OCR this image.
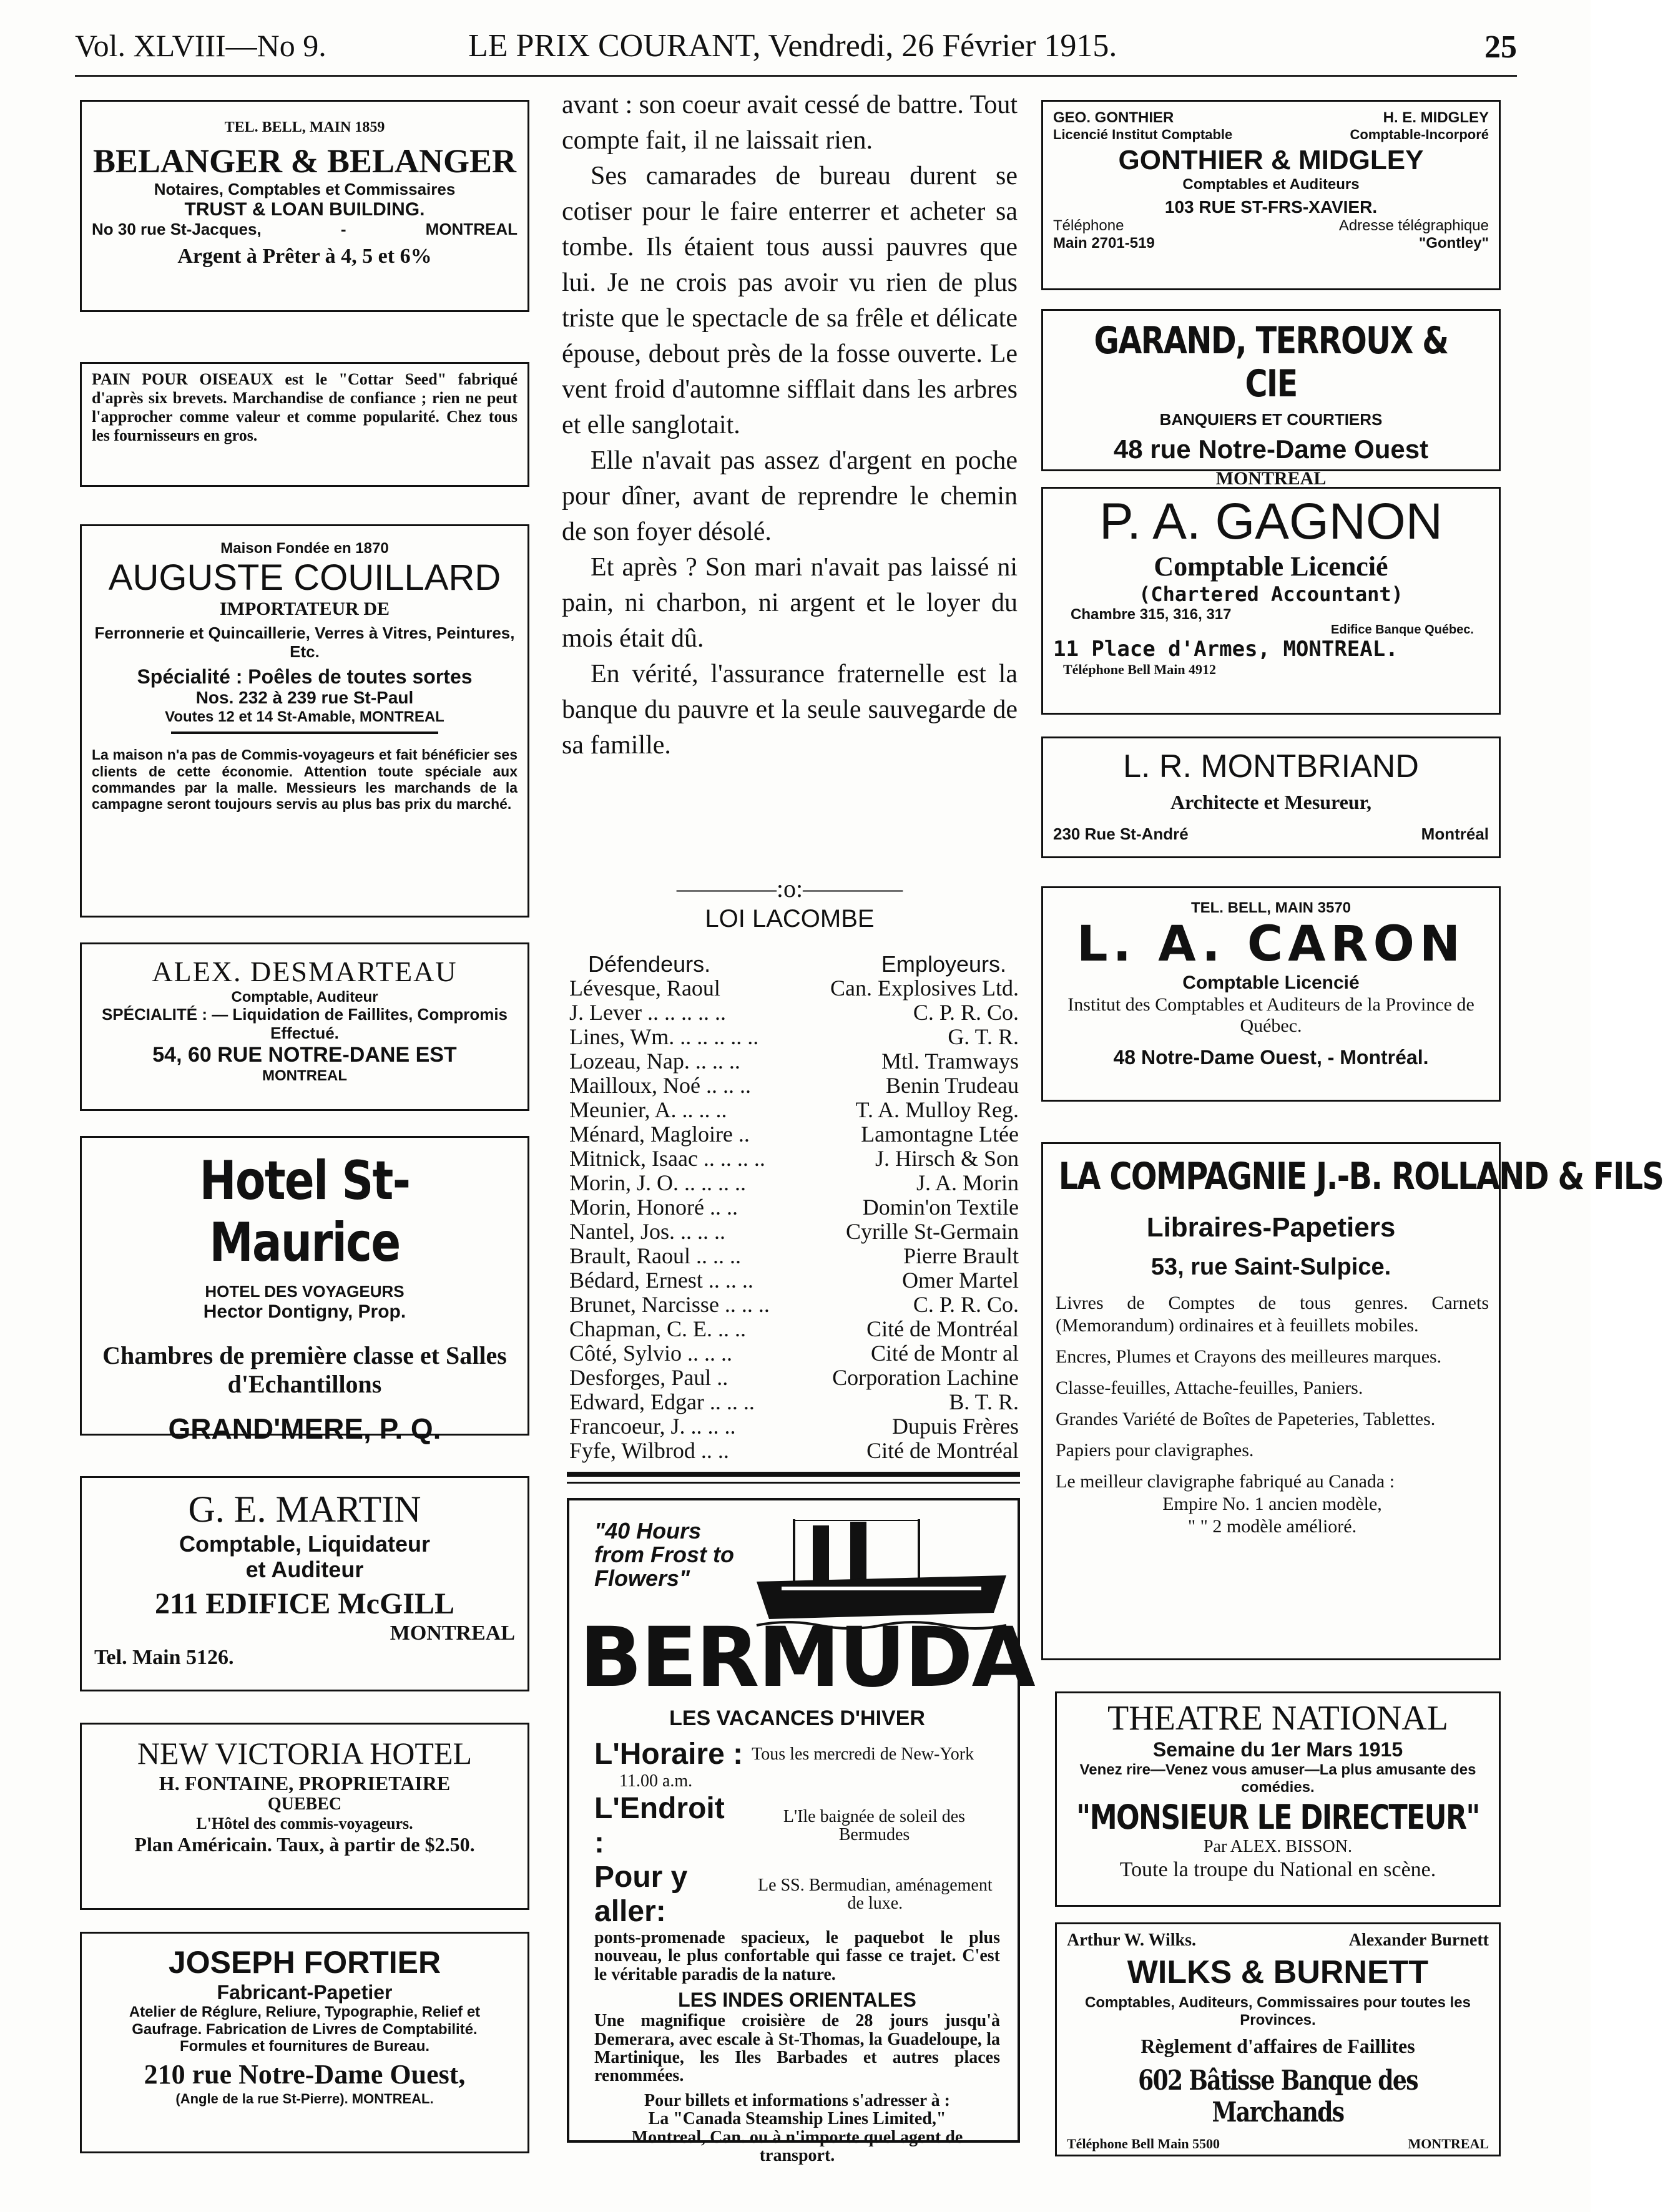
Vol. XLVIII—No 9.	LE PRIX COURANT, Vendredi, 26 Février 1915.	25
TEL. BELL, MAIN 1859
BELANGER & BELANGER
Notaires, Comptables et Commissaires
TRUST & LOAN BUILDING.
No 30 rue St-Jacques,	-	MONTREAL
Argent à Prêter à 4, 5 et 6%
PAIN POUR OISEAUX est le "Cottar Seed" fabriqué d'après six brevets. Marchandise de confiance ; rien ne peut l'approcher comme valeur et comme popularité. Chez tous les fournisseurs en gros.
Maison Fondée en 1870
AUGUSTE COUILLARD
IMPORTATEUR DE
Ferronnerie et Quincaillerie, Verres à Vitres, Peintures, Etc.
Spécialité : Poêles de toutes sortes
Nos. 232 à 239 rue St-Paul
Voutes 12 et 14 St-Amable, MONTREAL
La maison n'a pas de Commis-voyageurs et fait bénéficier ses clients de cette économie. Attention toute spéciale aux commandes par la malle. Messieurs les marchands de la campagne seront toujours servis au plus bas prix du marché.
ALEX. DESMARTEAU
Comptable, Auditeur
SPÉCIALITÉ : — Liquidation de Faillites, Compromis Effectué.
54, 60 RUE NOTRE-DANE EST
MONTREAL
Hotel St-Maurice
HOTEL DES VOYAGEURS
Hector Dontigny, Prop.
Chambres de première classe et Salles d'Echantillons
GRAND'MERE, P. Q.
G. E. MARTIN
Comptable, Liquidateur
et Auditeur
211 EDIFICE McGILL
MONTREAL
Tel. Main 5126.
NEW VICTORIA HOTEL
H. FONTAINE, PROPRIETAIRE
QUEBEC
L'Hôtel des commis-voyageurs.
Plan Américain. Taux, à partir de $2.50.
JOSEPH FORTIER
Fabricant-Papetier
Atelier de Réglure, Reliure, Typographie, Relief et Gaufrage. Fabrication de Livres de Comptabilité. Formules et fournitures de Bureau.
210 rue Notre-Dame Ouest,
(Angle de la rue St-Pierre). MONTREAL.

avant : son coeur avait cessé de battre. Tout compte fait, il ne laissait rien.

Ses camarades de bureau durent se cotiser pour le faire enterrer et acheter sa tombe. Ils étaient tous aussi pauvres que lui. Je ne crois pas avoir vu rien de plus triste que le spectacle de sa frêle et délicate épouse, debout près de la fosse ouverte. Le vent froid d'automne sifflait dans les arbres et elle sanglotait.

Elle n'avait pas assez d'argent en poche pour dîner, avant de reprendre le chemin de son foyer désolé.

Et après ? Son mari n'avait pas laissé ni pain, ni charbon, ni argent et le loyer du mois était dû.

En vérité, l'assurance fraternelle est la banque du pauvre et la seule sauvegarde de sa famille.

————:o:————
LOI LACOMBE
Défendeurs.	Employeurs.
Lévesque, Raoul	Can. Explosives Ltd.
J. Lever .. .. .. .. ..	C. P. R. Co.
Lines, Wm. .. .. .. .. ..	G. T. R.
Lozeau, Nap. .. .. ..	Mtl. Tramways
Mailloux, Noé .. .. ..	Benin Trudeau
Meunier, A. .. .. ..	T. A. Mulloy Reg.
Ménard, Magloire ..	Lamontagne Ltée
Mitnick, Isaac .. .. .. ..	J. Hirsch & Son
Morin, J. O. .. .. .. ..	J. A. Morin
Morin, Honoré .. ..	Domin'on Textile
Nantel, Jos. .. .. ..	Cyrille St-Germain
Brault, Raoul .. .. ..	Pierre Brault
Bédard, Ernest .. .. ..	Omer Martel
Brunet, Narcisse .. .. ..	C. P. R. Co.
Chapman, C. E. .. ..	Cité de Montréal
Côté, Sylvio .. .. ..	Cité de Montr al
Desforges, Paul ..	Corporation Lachine
Edward, Edgar .. .. ..	B. T. R.
Francoeur, J. .. .. ..	Dupuis Frères
Fyfe, Wilbrod .. ..	Cité de Montréal
"40 Hours from Frost to Flowers"
BERMUDA
LES VACANCES D'HIVER
L'Horaire : Tous les mercredi de New-York
11.00 a.m.
L'Endroit :
L'Ile baignée de soleil des Bermudes
Pour y aller:
Le SS. Bermudian, aménagement de luxe.
ponts-promenade spacieux, le paquebot le plus nouveau, le plus confortable qui fasse ce trajet. C'est le véritable paradis de la nature.
LES INDES ORIENTALES
Une magnifique croisière de 28 jours jusqu'à Demerara, avec escale à St-Thomas, la Guadeloupe, la Martinique, les Iles Barbades et autres places renommées.
Pour billets et informations s'adresser à :
La "Canada Steamship Lines Limited," Montreal, Can. ou à n'importe quel agent de transport.
GEO. GONTHIER	H. E. MIDGLEY
Licencié Institut Comptable	Comptable-Incorporé
GONTHIER & MIDGLEY
Comptables et Auditeurs
103 RUE ST-FRS-XAVIER.
Téléphone	Adresse télégraphique
Main 2701-519	"Gontley"
GARAND, TERROUX & CIE
BANQUIERS ET COURTIERS
48 rue Notre-Dame Ouest
MONTREAL
P. A. GAGNON
Comptable Licencié
(Chartered Accountant)
Chambre 315, 316, 317
Edifice Banque Québec.
11 Place d'Armes, MONTREAL.
Téléphone Bell Main 4912
L. R. MONTBRIAND
Architecte et Mesureur,
230 Rue St-André	Montréal
TEL. BELL, MAIN 3570
L. A. CARON
Comptable Licencié
Institut des Comptables et Auditeurs de la Province de Québec.
48 Notre-Dame Ouest, - Montréal.
LA COMPAGNIE J.-B. ROLLAND & FILS
Libraires-Papetiers
53, rue Saint-Sulpice.
Livres de Comptes de tous genres. Carnets (Memorandum) ordinaires et à feuillets mobiles.
Encres, Plumes et Crayons des meilleures marques.
Classe-feuilles, Attache-feuilles, Paniers.
Grandes Variété de Boîtes de Papeteries, Tablettes.
Papiers pour clavigraphes.
Le meilleur clavigraphe fabriqué au Canada :
Empire No. 1 ancien modèle,
" " 2 modèle amélioré.
THEATRE NATIONAL
Semaine du 1er Mars 1915
Venez rire—Venez vous amuser—La plus amusante des comédies.
"MONSIEUR LE DIRECTEUR"
Par ALEX. BISSON.
Toute la troupe du National en scène.
Arthur W. Wilks.	Alexander Burnett
WILKS & BURNETT
Comptables, Auditeurs, Commissaires pour toutes les Provinces.
Règlement d'affaires de Faillites
602 Bâtisse Banque des Marchands
Téléphone Bell Main 5500	MONTREAL
